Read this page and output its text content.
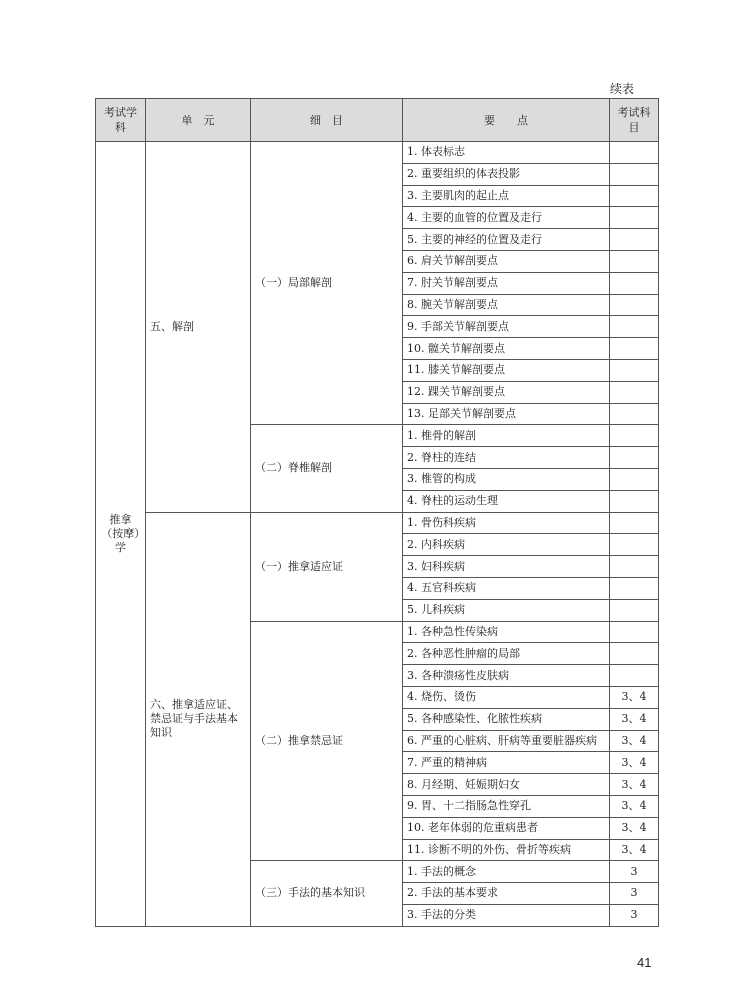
续表
考试学科	单　元	细　目	要　　点	考试科目
推拿（按摩）学	五、解剖	（一）局部解剖	1. 体表标志	
			2. 重要组织的体表投影	
			3. 主要肌肉的起止点	
			4. 主要的血管的位置及走行	
			5. 主要的神经的位置及走行	
			6. 肩关节解剖要点	
			7. 肘关节解剖要点	
			8. 腕关节解剖要点	
			9. 手部关节解剖要点	
			10. 髋关节解剖要点	
			11. 膝关节解剖要点	
			12. 踝关节解剖要点	
			13. 足部关节解剖要点	
		（二）脊椎解剖	1. 椎骨的解剖	
			2. 脊柱的连结	
			3. 椎管的构成	
			4. 脊柱的运动生理	
	六、推拿适应证、禁忌证与手法基本知识	（一）推拿适应证	1. 骨伤科疾病	
			2. 内科疾病	
			3. 妇科疾病	
			4. 五官科疾病	
			5. 儿科疾病	
		（二）推拿禁忌证	1. 各种急性传染病	
			2. 各种恶性肿瘤的局部	
			3. 各种溃疡性皮肤病	
			4. 烧伤、烫伤	3、4
			5. 各种感染性、化脓性疾病	3、4
			6. 严重的心脏病、肝病等重要脏器疾病	3、4
			7. 严重的精神病	3、4
			8. 月经期、妊娠期妇女	3、4
			9. 胃、十二指肠急性穿孔	3、4
			10. 老年体弱的危重病患者	3、4
			11. 诊断不明的外伤、骨折等疾病	3、4
		（三）手法的基本知识	1. 手法的概念	3
			2. 手法的基本要求	3
			3. 手法的分类	3
41
